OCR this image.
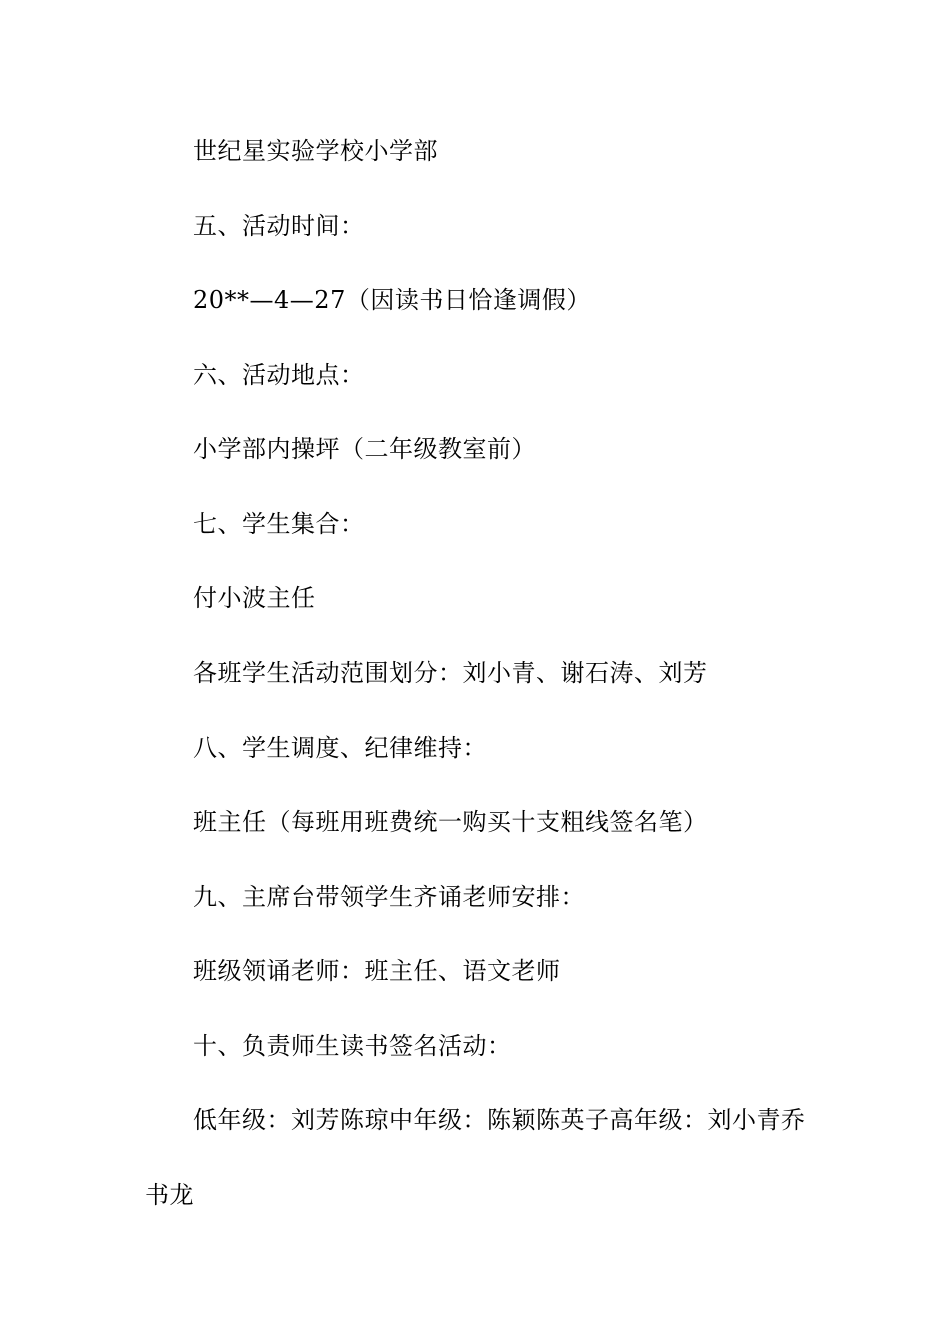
世纪星实验学校小学部
五、活动时间：
20**—4—27（因读书日恰逢调假）
六、活动地点：
小学部内操坪（二年级教室前）
七、学生集合：
付小波主任
各班学生活动范围划分：刘小青、谢石涛、刘芳
八、学生调度、纪律维持：
班主任（每班用班费统一购买十支粗线签名笔）
九、主席台带领学生齐诵老师安排：
班级领诵老师：班主任、语文老师
十、负责师生读书签名活动：
低年级：刘芳陈琼中年级：陈颖陈英子高年级：刘小青乔
书龙
